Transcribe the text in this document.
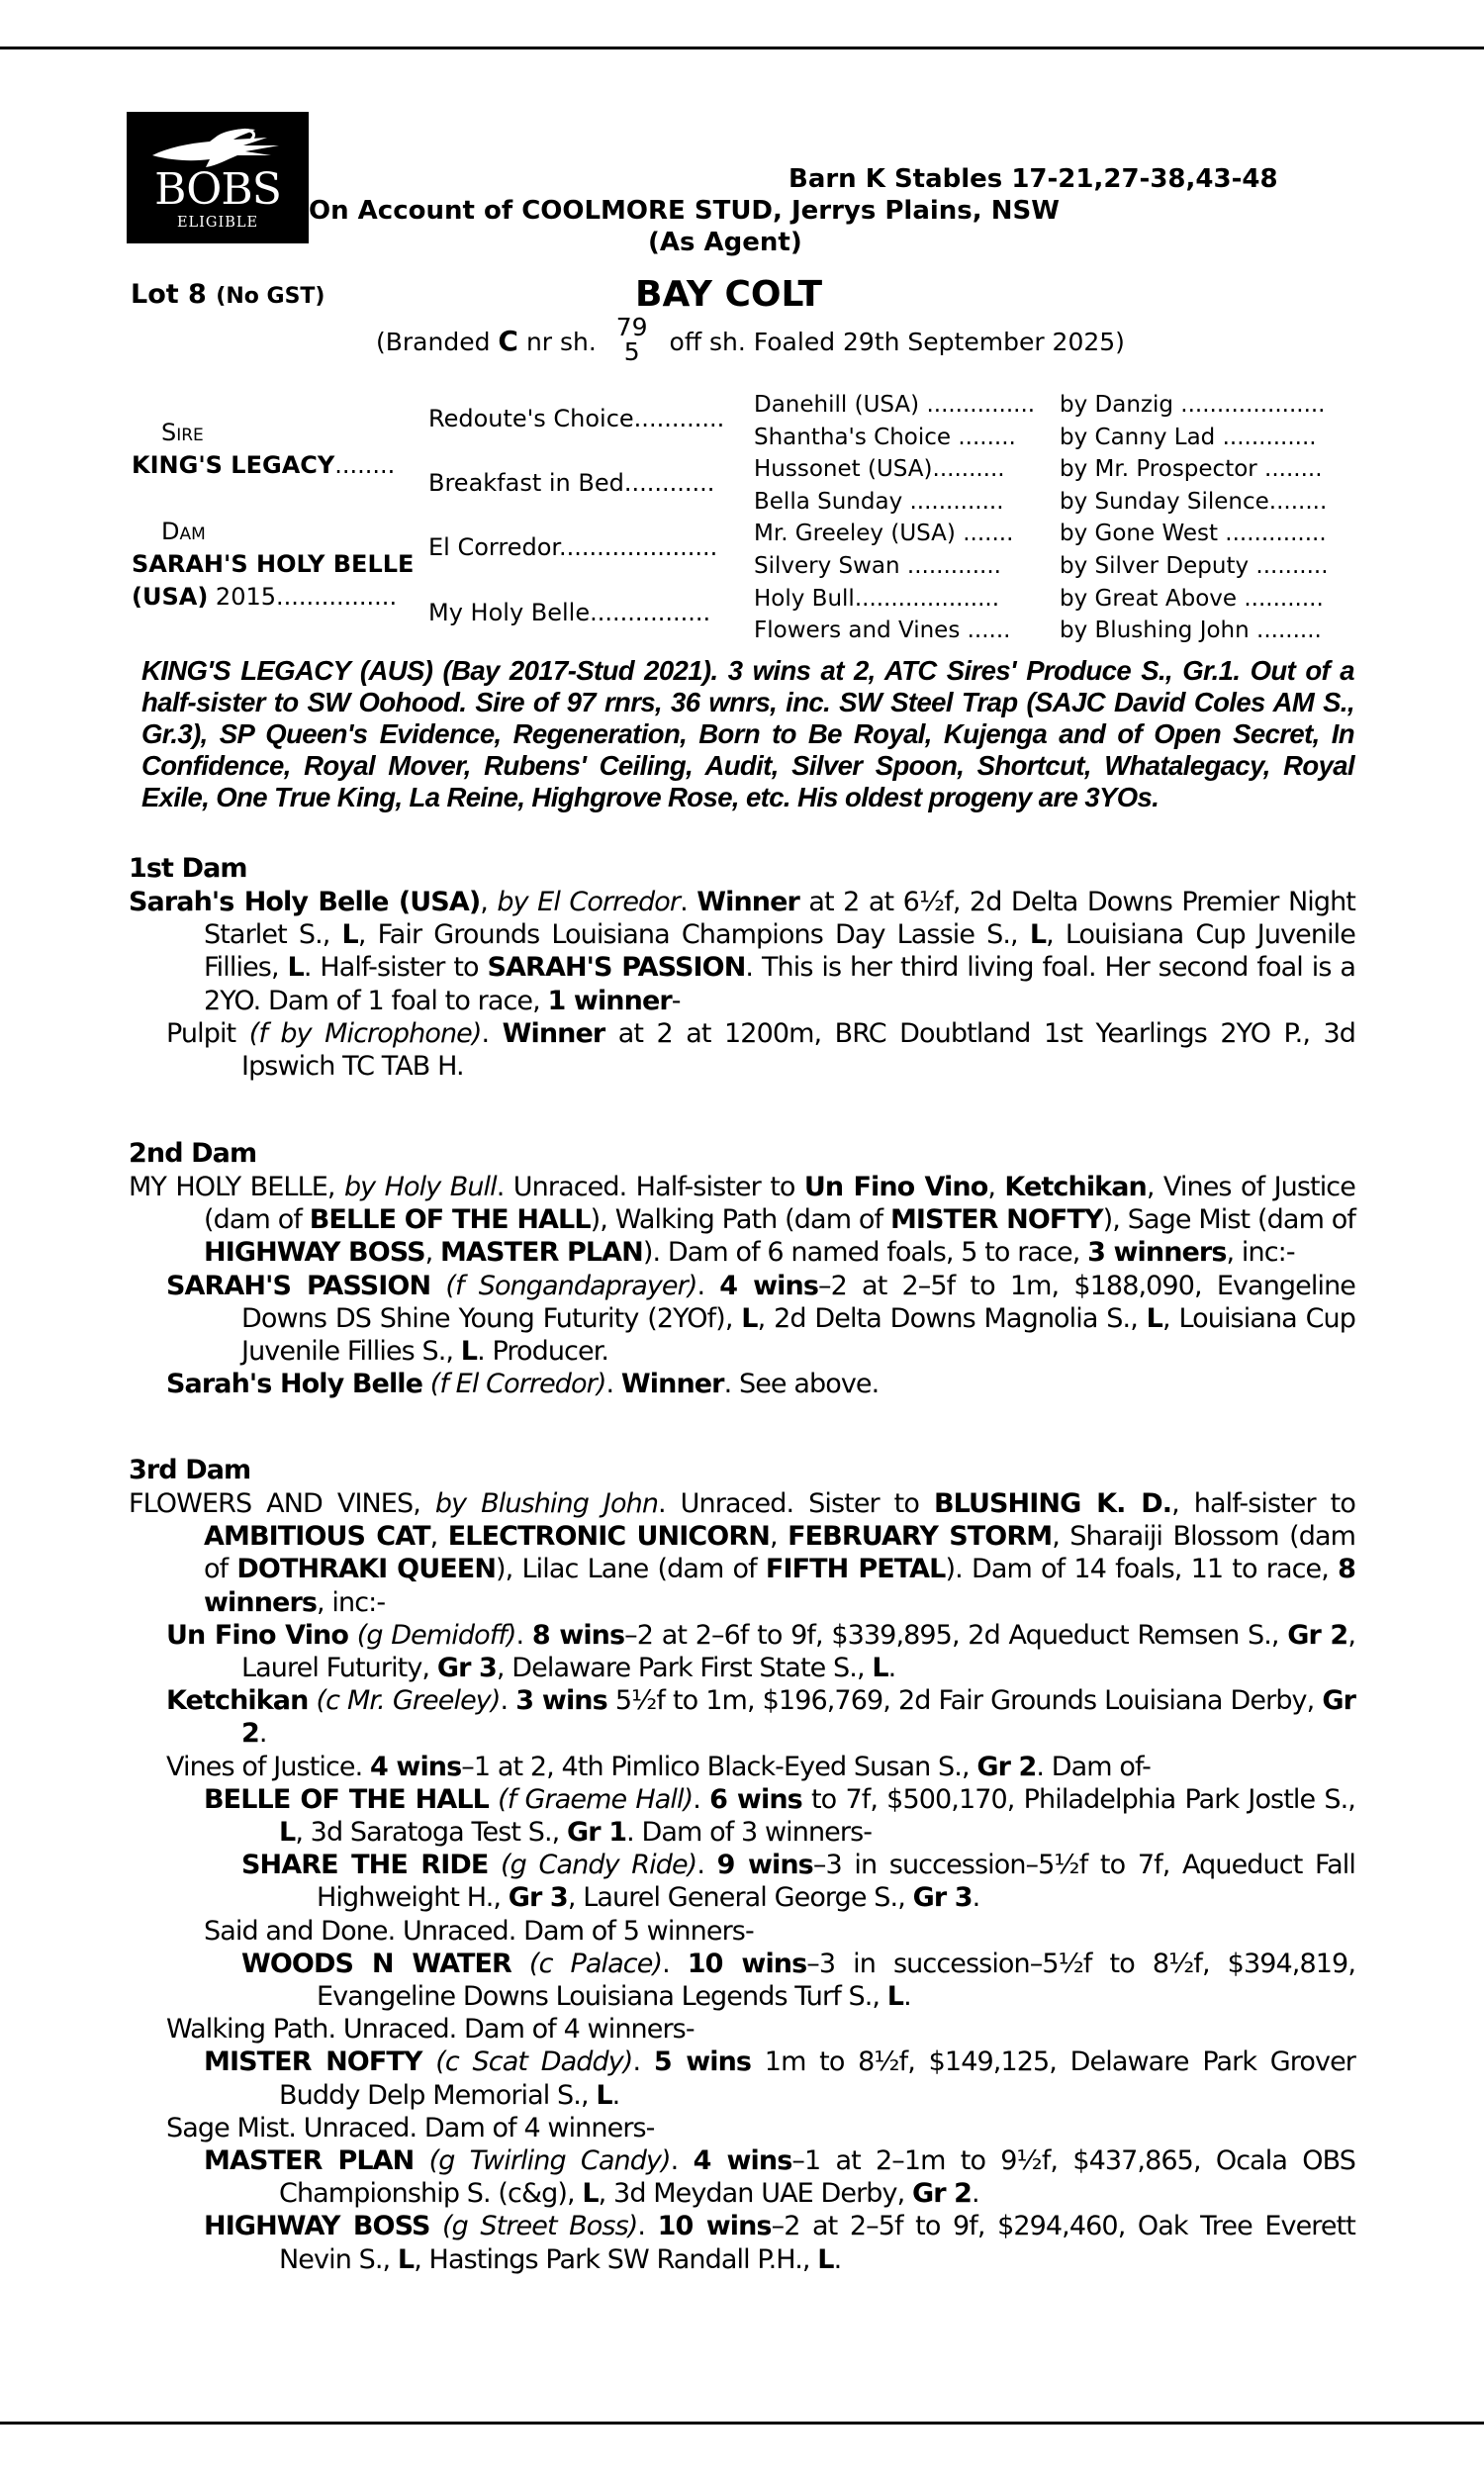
BOBS
ELIGIBLE
Barn K Stables 17-21,27-38,43-48
On Account of COOLMORE STUD, Jerrys Plains, NSW
(As Agent)
Lot 8 (No GST)	BAY COLT
(Branded C nr sh.
79
5	off sh. Foaled 29th September 2025)
Sire
KING'S LEGACY........
Dam
SARAH'S HOLY BELLE
(USA) 2015................
Redoute's Choice............
Breakfast in Bed............
El Corredor.....................
My Holy Belle................
Danehill (USA) ...............
Shantha's Choice ........
Hussonet (USA)..........
Bella Sunday .............
Mr. Greeley (USA) .......
Silvery Swan .............
Holy Bull....................
Flowers and Vines ......
by Danzig ....................
by Canny Lad .............
by Mr. Prospector ........
by Sunday Silence........
by Gone West ..............
by Silver Deputy ..........
by Great Above ...........
by Blushing John .........
KING'S LEGACY (AUS) (Bay 2017-Stud 2021). 3 wins at 2, ATC Sires' Produce S., Gr.1. Out of a half-sister to SW Oohood. Sire of 97 rnrs, 36 wnrs, inc. SW Steel Trap (SAJC David Coles AM S., Gr.3), SP Queen's Evidence, Regeneration, Born to Be Royal, Kujenga and of Open Secret, In Confidence, Royal Mover, Rubens' Ceiling, Audit, Silver Spoon, Shortcut, Whatalegacy, Royal Exile, One True King, La Reine, Highgrove Rose, etc. His oldest progeny are 3YOs.
1st Dam
Sarah's Holy Belle (USA), by El Corredor. Winner at 2 at 6½f, 2d Delta Downs Premier Night Starlet S., L, Fair Grounds Louisiana Champions Day Lassie S., L, Louisiana Cup Juvenile Fillies, L. Half-sister to SARAH'S PASSION. This is her third living foal. Her second foal is a 2YO. Dam of 1 foal to race, 1 winner-
Pulpit (f by Microphone). Winner at 2 at 1200m, BRC Doubtland 1st Yearlings 2YO P., 3d Ipswich TC TAB H.
2nd Dam
MY HOLY BELLE, by Holy Bull. Unraced. Half-sister to Un Fino Vino, Ketchikan, Vines of Justice (dam of BELLE OF THE HALL), Walking Path (dam of MISTER NOFTY), Sage Mist (dam of HIGHWAY BOSS, MASTER PLAN). Dam of 6 named foals, 5 to race, 3 winners, inc:-
SARAH'S PASSION (f Songandaprayer). 4 wins–2 at 2–5f to 1m, $188,090, Evangeline Downs DS Shine Young Futurity (2YOf), L, 2d Delta Downs Magnolia S., L, Louisiana Cup Juvenile Fillies S., L. Producer.
Sarah's Holy Belle (f El Corredor). Winner. See above.
3rd Dam
FLOWERS AND VINES, by Blushing John. Unraced. Sister to BLUSHING K. D., half-sister to AMBITIOUS CAT, ELECTRONIC UNICORN, FEBRUARY STORM, Sharaiji Blossom (dam of DOTHRAKI QUEEN), Lilac Lane (dam of FIFTH PETAL). Dam of 14 foals, 11 to race, 8 winners, inc:-
Un Fino Vino (g Demidoff). 8 wins–2 at 2–6f to 9f, $339,895, 2d Aqueduct Remsen S., Gr 2, Laurel Futurity, Gr 3, Delaware Park First State S., L.
Ketchikan (c Mr. Greeley). 3 wins 5½f to 1m, $196,769, 2d Fair Grounds Louisiana Derby, Gr 2.
Vines of Justice. 4 wins–1 at 2, 4th Pimlico Black-Eyed Susan S., Gr 2. Dam of-
BELLE OF THE HALL (f Graeme Hall). 6 wins to 7f, $500,170, Philadelphia Park Jostle S., L, 3d Saratoga Test S., Gr 1. Dam of 3 winners-
SHARE THE RIDE (g Candy Ride). 9 wins–3 in succession–5½f to 7f, Aqueduct Fall Highweight H., Gr 3, Laurel General George S., Gr 3.
Said and Done. Unraced. Dam of 5 winners-
WOODS N WATER (c Palace). 10 wins–3 in succession–5½f to 8½f, $394,819, Evangeline Downs Louisiana Legends Turf S., L.
Walking Path. Unraced. Dam of 4 winners-
MISTER NOFTY (c Scat Daddy). 5 wins 1m to 8½f, $149,125, Delaware Park Grover Buddy Delp Memorial S., L.
Sage Mist. Unraced. Dam of 4 winners-
MASTER PLAN (g Twirling Candy). 4 wins–1 at 2–1m to 9½f, $437,865, Ocala OBS Championship S. (c&g), L, 3d Meydan UAE Derby, Gr 2.
HIGHWAY BOSS (g Street Boss). 10 wins–2 at 2–5f to 9f, $294,460, Oak Tree Everett Nevin S., L, Hastings Park SW Randall P.H., L.
